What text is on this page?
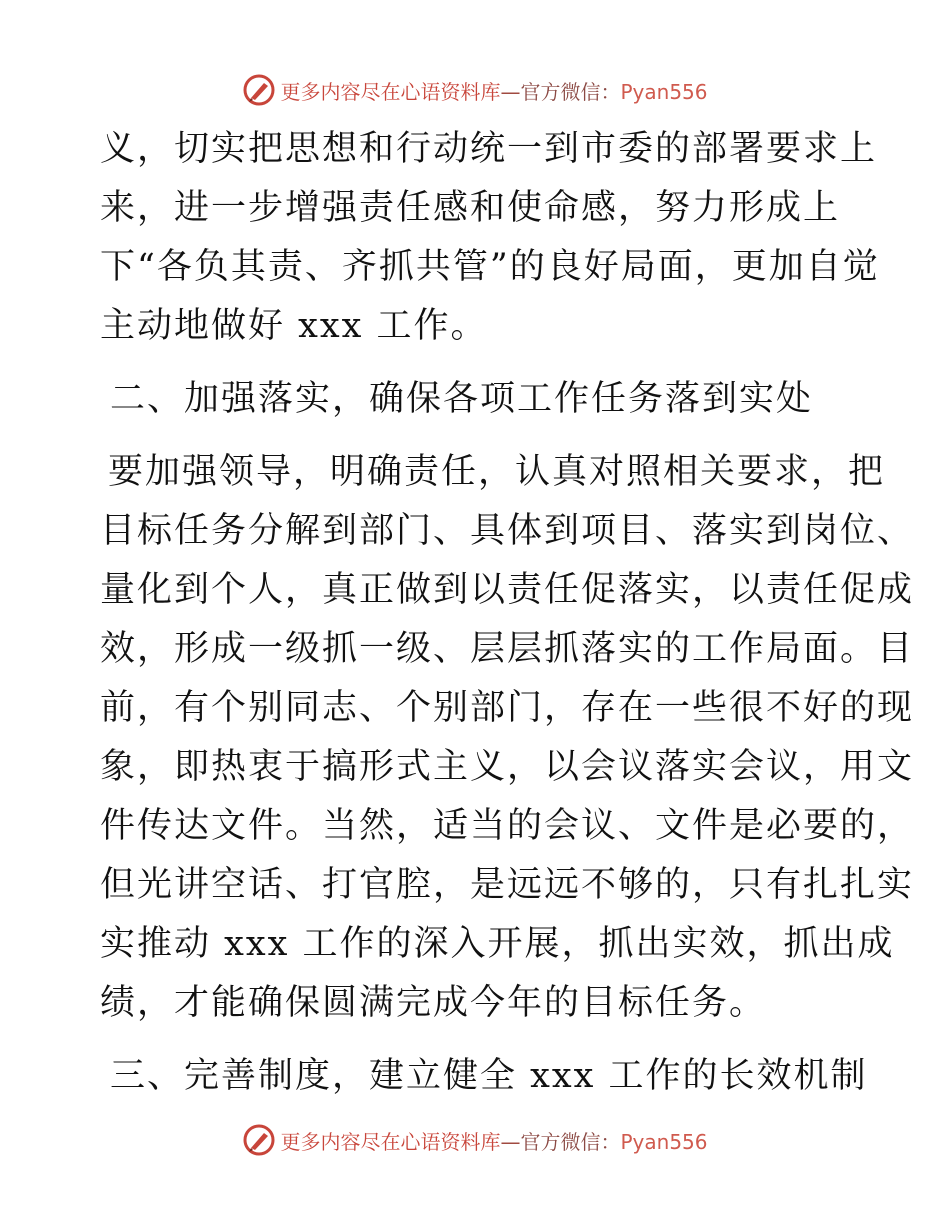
更多内容尽在心语资料库—官方微信：Pyan556
义，切实把思想和行动统一到市委的部署要求上
来，进一步增强责任感和使命感，努力形成上
下“各负其责、齐抓共管”的良好局面，更加自觉
主动地做好 xxx 工作。
二、加强落实，确保各项工作任务落到实处
要加强领导，明确责任，认真对照相关要求，把
目标任务分解到部门、具体到项目、落实到岗位、
量化到个人，真正做到以责任促落实，以责任促成
效，形成一级抓一级、层层抓落实的工作局面。目
前，有个别同志、个别部门，存在一些很不好的现
象，即热衷于搞形式主义，以会议落实会议，用文
件传达文件。当然，适当的会议、文件是必要的，
但光讲空话、打官腔，是远远不够的，只有扎扎实
实推动 xxx 工作的深入开展，抓出实效，抓出成
绩，才能确保圆满完成今年的目标任务。
三、完善制度，建立健全 xxx 工作的长效机制
更多内容尽在心语资料库—官方微信：Pyan556
